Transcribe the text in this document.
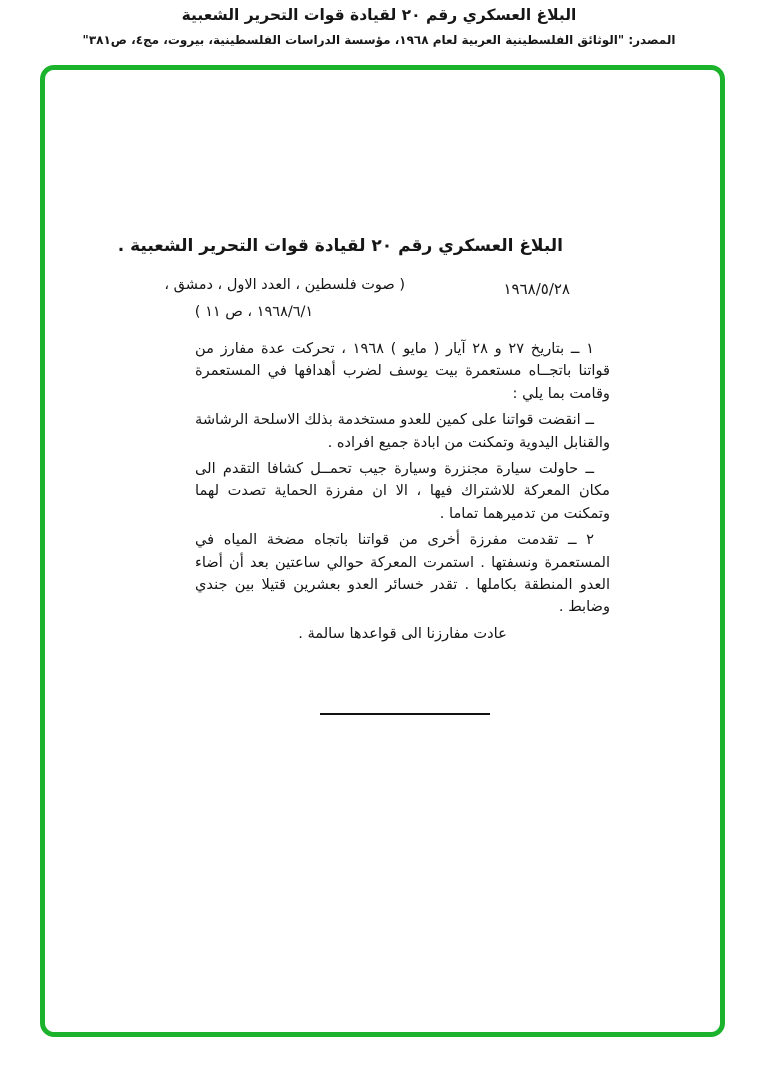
البلاغ العسكري رقم ٢٠ لقيادة قوات التحرير الشعبية
المصدر: "الوثائق الفلسطينية العربية لعام ١٩٦٨، مؤسسة الدراسات الفلسطينية، بيروت، مج٤، ص٣٨١"
البلاغ العسكري رقم ٢٠ لقيادة قوات التحرير الشعبية .
١٩٦٨/٥/٢٨
( صوت فلسطين ، العدد الاول ، دمشق ،
١٩٦٨/٦/١ ، ص ١١ )

١ ــ بتاريخ ٢٧ و ٢٨ آيار ( مايو ) ١٩٦٨ ، تحركت عدة مفارز من قواتنا باتجــاه مستعمرة بيت يوسف لضرب أهدافها في المستعمرة وقامت بما يلي :

ــ انقضت قواتنا على كمين للعدو مستخدمة بذلك الاسلحة الرشاشة والقنابل اليدوية وتمكنت من ابادة جميع افراده .

ــ حاولت سيارة مجنزرة وسيارة جيب تحمــل كشافا التقدم الى مكان المعركة للاشتراك فيها ، الا ان مفرزة الحماية تصدت لهما وتمكنت من تدميرهما تماما .

٢ ــ تقدمت مفرزة أخرى من قواتنا باتجاه مضخة المياه في المستعمرة ونسفتها . استمرت المعركة حوالي ساعتين بعد أن أضاء العدو المنطقة بكاملها . تقدر خسائر العدو بعشرين قتيلا بين جندي وضابط .

عادت مفارزنا الى قواعدها سالمة .
